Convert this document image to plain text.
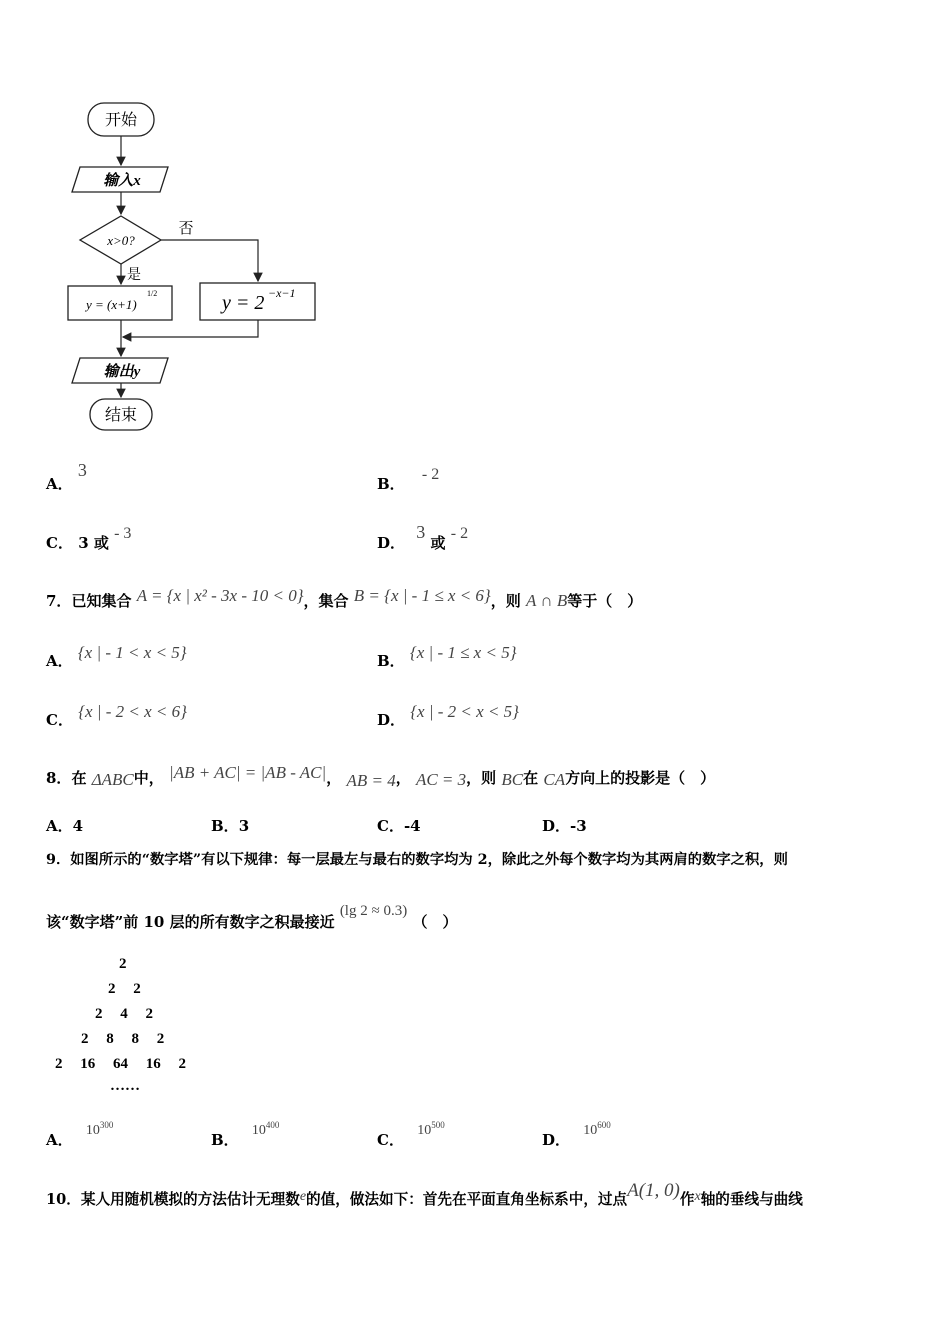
开始
输入x
x>0?
否
是
y = (x+1)
1/2	y = 2 −x−1
输出y
结束
A． 3
B． - 2
C． 3 或 - 3
D． 3 或 - 2
7．已知集合 A = {x | x² - 3x - 10 < 0}，集合 B = {x | - 1 ≤ x < 6}，则 A ∩ B等于（　）
A． {x | - 1 < x < 5}	B． {x | - 1 ≤ x < 5}
C． {x | - 2 < x < 6}	D． {x | - 2 < x < 5}
8．在 ΔABC中， |AB + AC| = |AB - AC|， AB = 4， AC = 3，则 BC在 CA方向上的投影是（　）
A．4	B．3	C．-4	D．-3
9．如图所示的“数字塔”有以下规律：每一层最左与最右的数字均为 2，除此之外每个数字均为其两肩的数字之积，则
该“数字塔”前 10 层的所有数字之积最接近 (lg 2 ≈ 0.3) （　）
2
2 2
2 4 2
2 8 8 2
2 16 64 16 2
……
A． $10^{300}$
B． $10^{400}$
C． $10^{500}$
D． $10^{600}$
10．某人用随机模拟的方法估计无理数e的值，做法如下：首先在平面直角坐标系中，过点A(1, 0)作x轴的垂线与曲线
